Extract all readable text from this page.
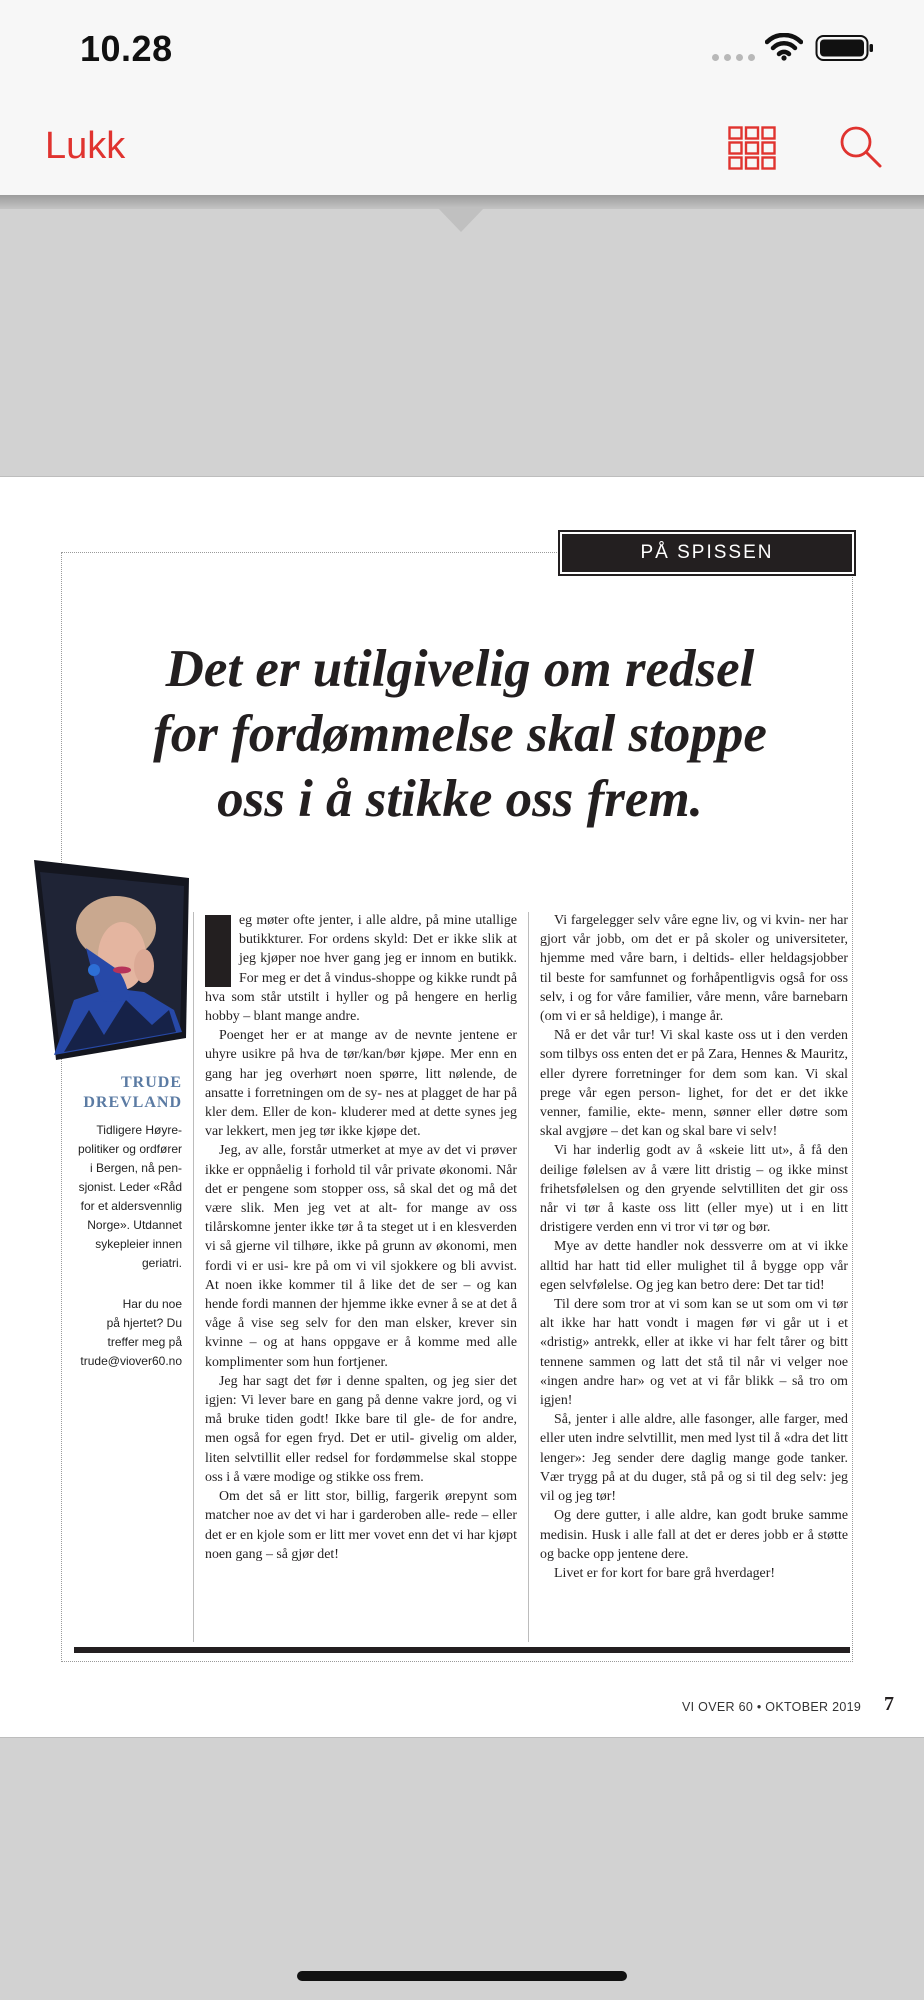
10.28
Lukk
PÅ SPISSEN
Det er utilgivelig om redsel
for fordømmelse skal stoppe
oss i å stikke oss frem.
TRUDE
DREVLAND
Tidligere Høyre-
politiker og ordfører
i Bergen, nå pen-
sjonist. Leder «Råd
for et aldersvennlig
Norge». Utdannet
sykepleier innen
geriatri.
Har du noe
på hjertet? Du
treffer meg på
trude@viover60.no

eg møter ofte jenter, i alle aldre, på mine utallige butikkturer. For ordens skyld: Det er ikke slik at jeg kjøper noe hver gang jeg er innom en butikk. For meg er det å vindus-shoppe og kikke rundt på hva som står utstilt i hyller og på hengere en herlig hobby – blant mange andre.

Poenget her er at mange av de nevnte jentene er uhyre usikre på hva de tør/kan/bør kjøpe. Mer enn en gang har jeg overhørt noen spørre, litt nølende, de ansatte i forretningen om de sy- nes at plagget de har på kler dem. Eller de kon- kluderer med at dette synes jeg var lekkert, men jeg tør ikke kjøpe det.

Jeg, av alle, forstår utmerket at mye av det vi prøver ikke er oppnåelig i forhold til vår private økonomi. Når det er pengene som stopper oss, så skal det og må det være slik. Men jeg vet at alt- for mange av oss tilårskomne jenter ikke tør å ta steget ut i en klesverden vi så gjerne vil tilhøre, ikke på grunn av økonomi, men fordi vi er usi- kre på om vi vil sjokkere og bli avvist. At noen ikke kommer til å like det de ser – og kan hende fordi mannen der hjemme ikke evner å se at det å våge å vise seg selv for den man elsker, krever sin kvinne – og at hans oppgave er å komme med alle komplimenter som hun fortjener.

Jeg har sagt det før i denne spalten, og jeg sier det igjen: Vi lever bare en gang på denne vakre jord, og vi må bruke tiden godt! Ikke bare til gle- de for andre, men også for egen fryd. Det er util- givelig om alder, liten selvtillit eller redsel for fordømmelse skal stoppe oss i å være modige og stikke oss frem.

Om det så er litt stor, billig, fargerik ørepynt som matcher noe av det vi har i garderoben alle- rede – eller det er en kjole som er litt mer vovet enn det vi har kjøpt noen gang – så gjør det!

Vi fargelegger selv våre egne liv, og vi kvin- ner har gjort vår jobb, om det er på skoler og universiteter, hjemme med våre barn, i deltids- eller heldagsjobber til beste for samfunnet og forhåpentligvis også for oss selv, i og for våre familier, våre menn, våre barnebarn (om vi er så heldige), i mange år.

Nå er det vår tur! Vi skal kaste oss ut i den verden som tilbys oss enten det er på Zara, Hennes & Mauritz, eller dyrere forretninger for dem som kan. Vi skal prege vår egen person- lighet, for det er det ikke venner, familie, ekte- menn, sønner eller døtre som skal avgjøre – det kan og skal bare vi selv!

Vi har inderlig godt av å «skeie litt ut», å få den deilige følelsen av å være litt dristig – og ikke minst frihetsfølelsen og den gryende selvtilliten det gir oss når vi tør å kaste oss litt (eller mye) ut i en litt dristigere verden enn vi tror vi tør og bør.

Mye av dette handler nok dessverre om at vi ikke alltid har hatt tid eller mulighet til å bygge opp vår egen selvfølelse. Og jeg kan betro dere: Det tar tid!

Til dere som tror at vi som kan se ut som om vi tør alt ikke har hatt vondt i magen før vi går ut i et «dristig» antrekk, eller at ikke vi har felt tårer og bitt tennene sammen og latt det stå til når vi velger noe «ingen andre har» og vet at vi får blikk – så tro om igjen!

Så, jenter i alle aldre, alle fasonger, alle farger, med eller uten indre selvtillit, men med lyst til å «dra det litt lenger»: Jeg sender dere daglig mange gode tanker. Vær trygg på at du duger, stå på og si til deg selv: jeg vil og jeg tør!

Og dere gutter, i alle aldre, kan godt bruke samme medisin. Husk i alle fall at det er deres jobb er å støtte og backe opp jentene dere.

Livet er for kort for bare grå hverdager!

VI OVER 60 • OKTOBER 2019 7
